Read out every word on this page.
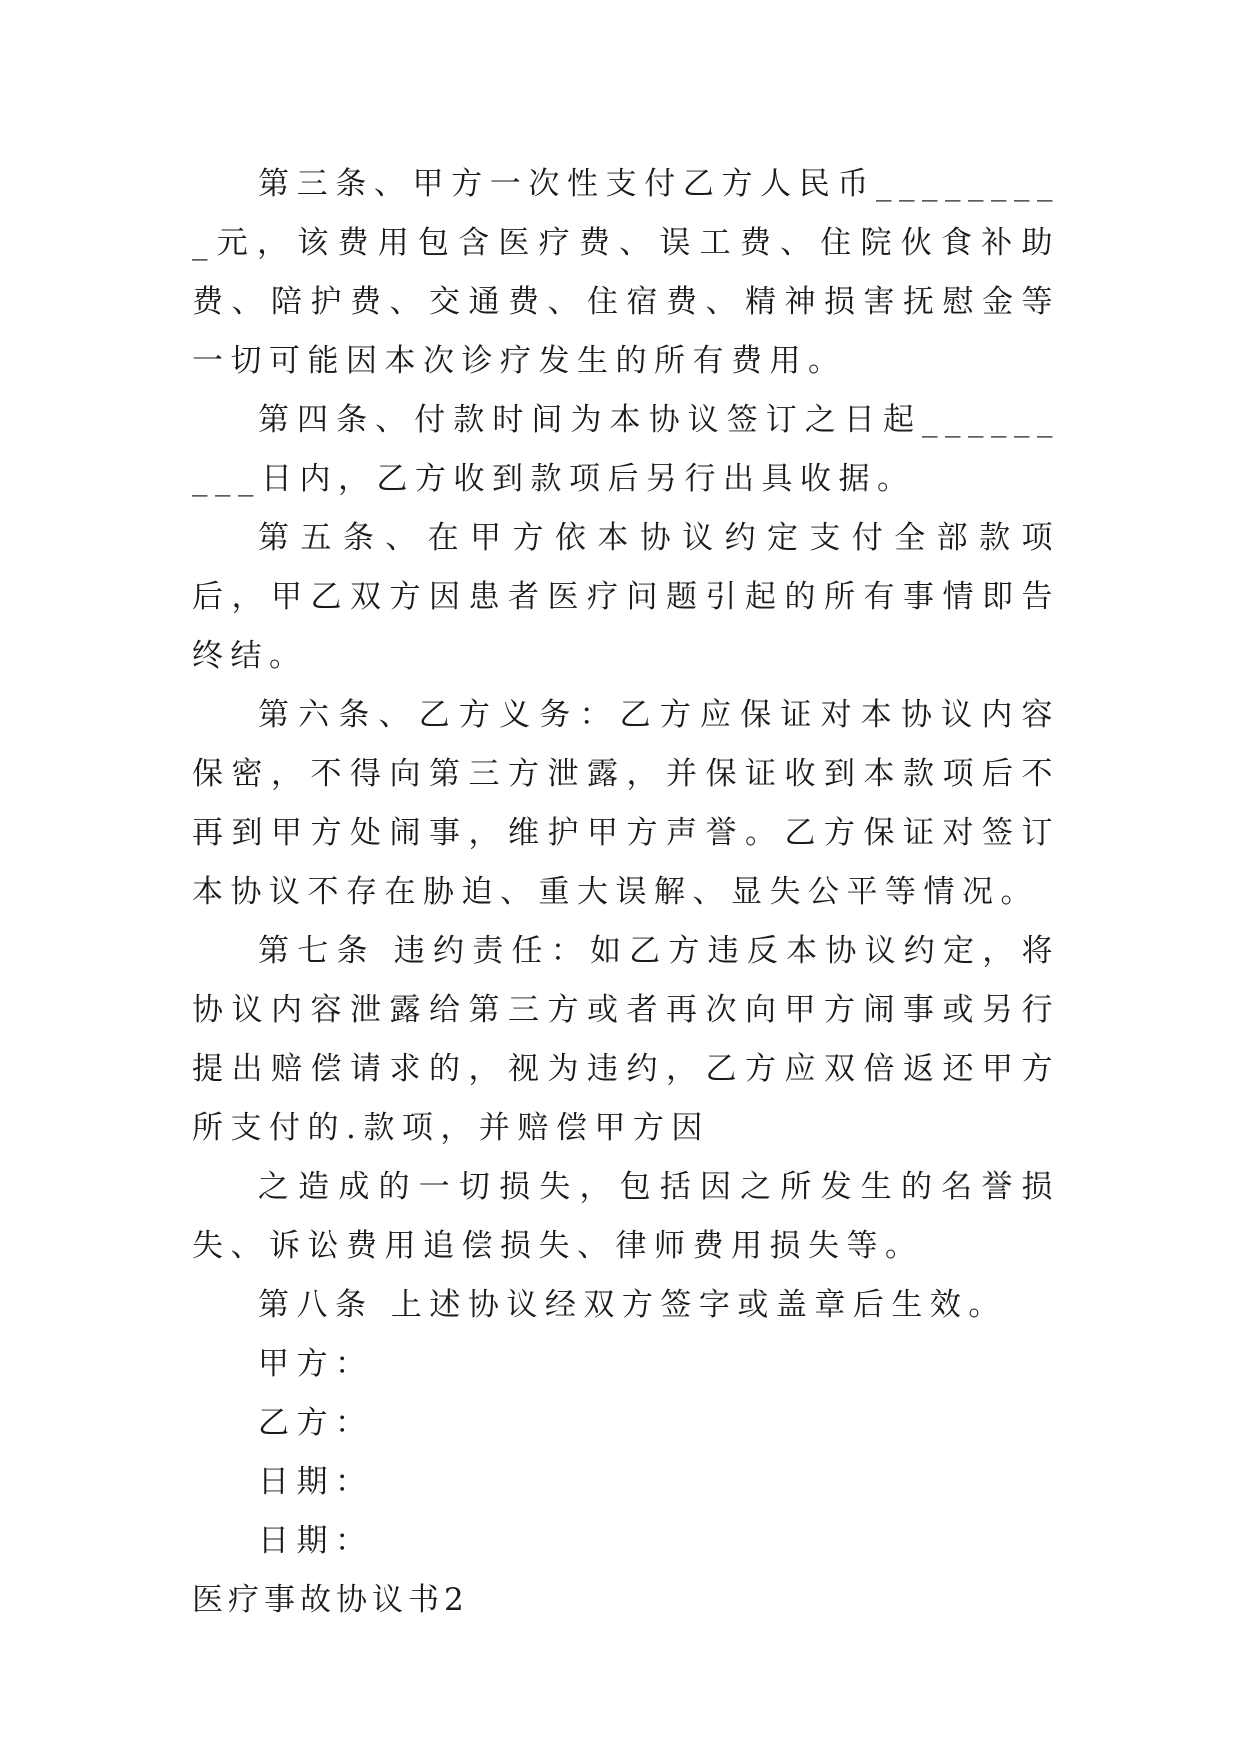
第三条、甲方一次性支付乙方人民币_________元，该费用包含医疗费、误工费、住院伙食补助费、陪护费、交通费、住宿费、精神损害抚慰金等一切可能因本次诊疗发生的所有费用。

第四条、付款时间为本协议签订之日起_________日内，乙方收到款项后另行出具收据。

第五条、在甲方依本协议约定支付全部款项后，甲乙双方因患者医疗问题引起的所有事情即告终结。

第六条、乙方义务：乙方应保证对本协议内容保密，不得向第三方泄露，并保证收到本款项后不再到甲方处闹事，维护甲方声誉。乙方保证对签订本协议不存在胁迫、重大误解、显失公平等情况。

第七条 违约责任：如乙方违反本协议约定，将协议内容泄露给第三方或者再次向甲方闹事或另行提出赔偿请求的，视为违约，乙方应双倍返还甲方所支付的.款项，并赔偿甲方因

之造成的一切损失，包括因之所发生的名誉损失、诉讼费用追偿损失、律师费用损失等。

第八条 上述协议经双方签字或盖章后生效。
甲方：
乙方：
日期：
日期：
医疗事故协议书2
